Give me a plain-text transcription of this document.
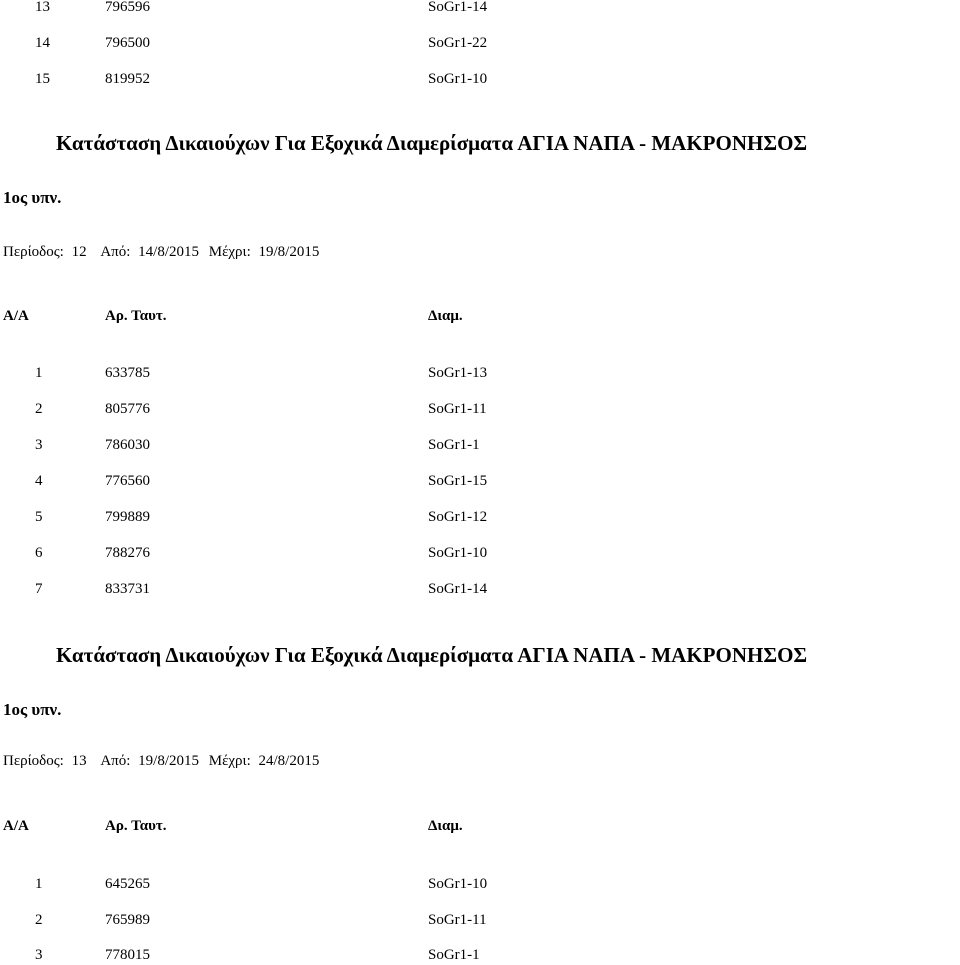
13	796596	SoGr1-14
14	796500	SoGr1-22
15	819952	SoGr1-10
Κατάσταση Δικαιούχων Για Εξοχικά Διαμερίσματα ΑΓΙΑ ΝΑΠΑ - ΜΑΚΡΟΝΗΣΟΣ
1ος υπν.
Περίοδος: 12 Από: 14/8/2015 Μέχρι: 19/8/2015
Α/Α	Αρ. Ταυτ.	Διαμ.
1	633785	SoGr1-13
2	805776	SoGr1-11
3	786030	SoGr1-1
4	776560	SoGr1-15
5	799889	SoGr1-12
6	788276	SoGr1-10
7	833731	SoGr1-14
Κατάσταση Δικαιούχων Για Εξοχικά Διαμερίσματα ΑΓΙΑ ΝΑΠΑ - ΜΑΚΡΟΝΗΣΟΣ
1ος υπν.
Περίοδος: 13 Από: 19/8/2015 Μέχρι: 24/8/2015
Α/Α	Αρ. Ταυτ.	Διαμ.
1	645265	SoGr1-10
2	765989	SoGr1-11
3	778015	SoGr1-1
